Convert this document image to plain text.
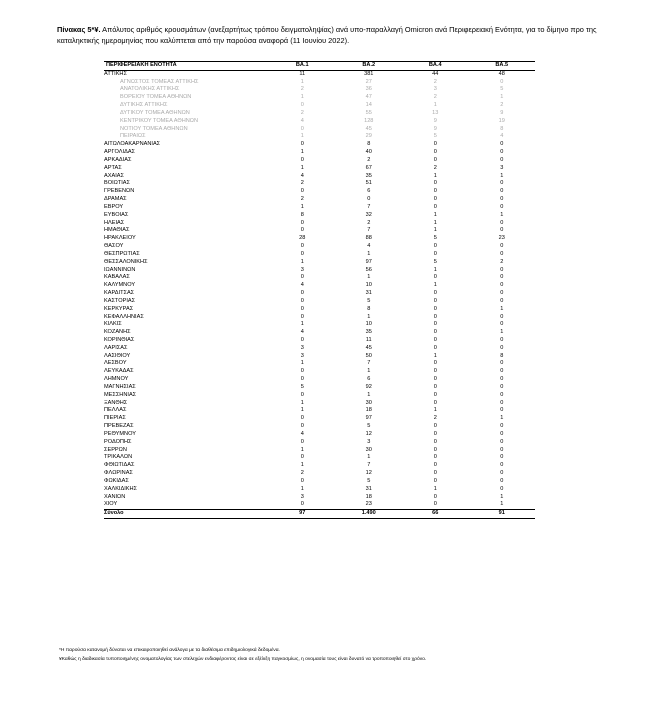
Πίνακας 5*¥. Απόλυτος αριθμός κρουσμάτων (ανεξαρτήτως τρόπου δειγματοληψίας) ανά υπο-παραλλαγή Omicron ανά Περιφερειακή Ενότητα, για το δίμηνο προ της καταληκτικής ημερομηνίας που καλύπτεται από την παρούσα αναφορά (11 Ιουνίου 2022).
ΠΕΡΙΦΕΡΕΙΑΚΗ ΕΝΟΤΗΤΑ	BA.1	BA.2	BA.4	BA.5
ΑΤΤΙΚΗΣ	11	381	44	48
ΑΓΝΩΣΤΟΣ ΤΟΜΕΑΣ ΑΤΤΙΚΗΣ	1	27	2	0
ΑΝΑΤΟΛΙΚΗΣ ΑΤΤΙΚΗΣ	2	36	3	5
ΒΟΡΕΙΟΥ ΤΟΜΕΑ ΑΘΗΝΩΝ	1	47	2	1
ΔΥΤΙΚΗΣ ΑΤΤΙΚΗΣ	0	14	1	2
ΔΥΤΙΚΟΥ ΤΟΜΕΑ ΑΘΗΝΩΝ	2	55	13	9
ΚΕΝΤΡΙΚΟΥ ΤΟΜΕΑ ΑΘΗΝΩΝ	4	128	9	19
ΝΟΤΙΟΥ ΤΟΜΕΑ ΑΘΗΝΩΝ	0	45	9	8
ΠΕΙΡΑΙΩΣ	1	29	5	4
ΑΙΤΩΛΟΑΚΑΡΝΑΝΙΑΣ	0	8	0	0
ΑΡΓΟΛΙΔΑΣ	1	40	0	0
ΑΡΚΑΔΙΑΣ	0	2	0	0
ΑΡΤΑΣ	1	67	2	3
ΑΧΑΪΑΣ	4	35	1	1
ΒΟΙΩΤΙΑΣ	2	51	0	0
ΓΡΕΒΕΝΩΝ	0	6	0	0
ΔΡΑΜΑΣ	2	0	0	0
ΕΒΡΟΥ	1	7	0	0
ΕΥΒΟΙΑΣ	8	32	1	1
ΗΛΕΙΑΣ	0	2	1	0
ΗΜΑΘΙΑΣ	0	7	1	0
ΗΡΑΚΛΕΙΟΥ	28	88	5	23
ΘΑΣΟΥ	0	4	0	0
ΘΕΣΠΡΩΤΙΑΣ	0	1	0	0
ΘΕΣΣΑΛΟΝΙΚΗΣ	1	97	5	2
ΙΩΑΝΝΙΝΩΝ	3	56	1	0
ΚΑΒΑΛΑΣ	0	1	0	0
ΚΑΛΥΜΝΟΥ	4	10	1	0
ΚΑΡΔΙΤΣΑΣ	0	31	0	0
ΚΑΣΤΟΡΙΑΣ	0	5	0	0
ΚΕΡΚΥΡΑΣ	0	8	0	1
ΚΕΦΑΛΛΗΝΙΑΣ	0	1	0	0
ΚΙΛΚΙΣ	1	10	0	0
ΚΟΖΑΝΗΣ	4	35	0	1
ΚΟΡΙΝΘΙΑΣ	0	11	0	0
ΛΑΡΙΣΑΣ	3	45	0	0
ΛΑΣΙΘΙΟΥ	3	50	1	8
ΛΕΣΒΟΥ	1	7	0	0
ΛΕΥΚΑΔΑΣ	0	1	0	0
ΛΗΜΝΟΥ	0	6	0	0
ΜΑΓΝΗΣΙΑΣ	5	92	0	0
ΜΕΣΣΗΝΙΑΣ	0	1	0	0
ΞΑΝΘΗΣ	1	30	0	0
ΠΕΛΛΑΣ	1	18	1	0
ΠΙΕΡΙΑΣ	0	97	2	1
ΠΡΕΒΕΖΑΣ	0	5	0	0
ΡΕΘΥΜΝΟΥ	4	12	0	0
ΡΟΔΟΠΗΣ	0	3	0	0
ΣΕΡΡΩΝ	1	30	0	0
ΤΡΙΚΑΛΩΝ	0	1	0	0
ΦΘΙΩΤΙΔΑΣ	1	7	0	0
ΦΛΩΡΙΝΑΣ	2	12	0	0
ΦΩΚΙΔΑΣ	0	5	0	0
ΧΑΛΚΙΔΙΚΗΣ	1	31	1	0
ΧΑΝΙΩΝ	3	18	0	1
ΧΙΟΥ	0	23	0	1
Σύνολο	97	1.490	66	91
*Η παρούσα κατανομή δύναται να επικαιροποιηθεί ανάλογα με τα διαθέσιμα επιδημιολογικά δεδομένα.
¥Καθώς η διαδικασία τυποποιημένης ονοματολογίας των στελεχών ενδιαφέροντος είναι σε εξέλιξη παγκοσμίως, η ονομασία τους είναι δυνατό να τροποποιηθεί στο χρόνο.
